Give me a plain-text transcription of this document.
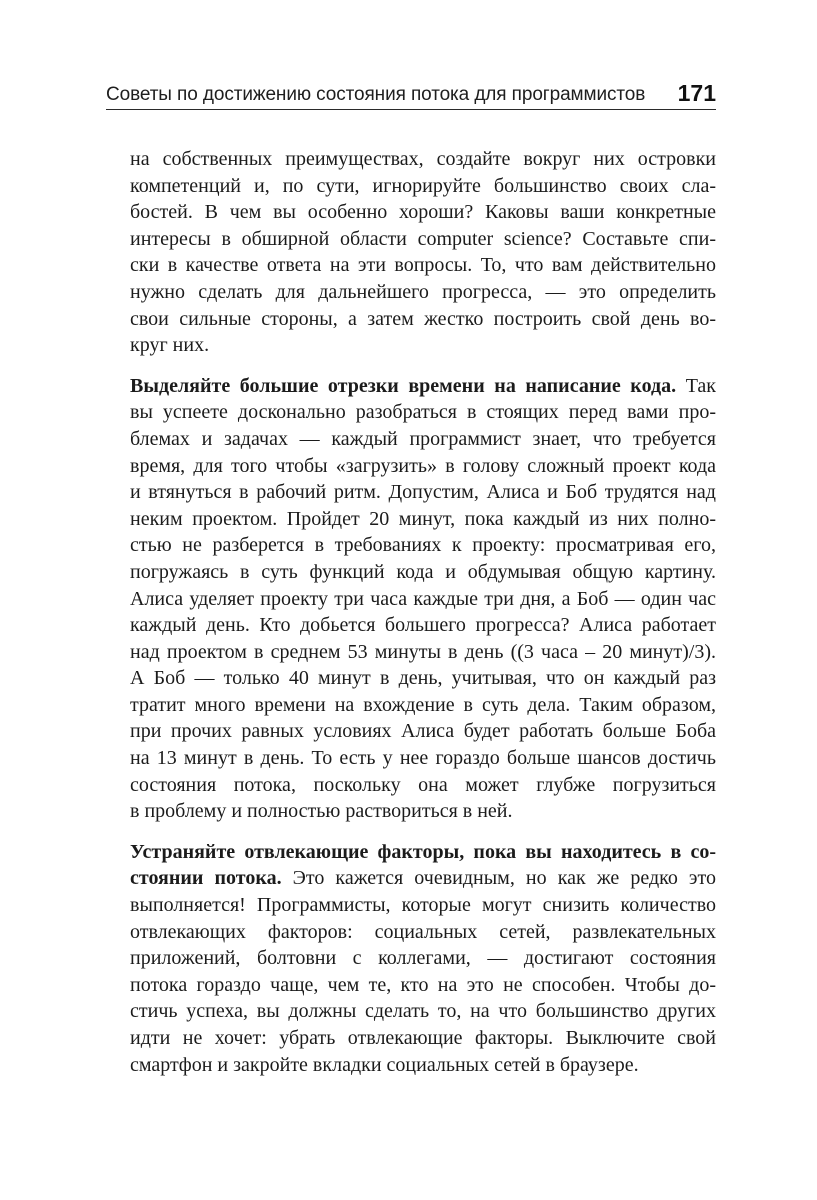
Советы по достижению состояния потока для программистов 171
на собственных преимуществах, создайте вокруг них островки
компетенций и, по сути, игнорируйте большинство своих сла-
бостей. В чем вы особенно хороши? Каковы ваши конкретные
интересы в обширной области computer science? Составьте спи-
ски в качестве ответа на эти вопросы. То, что вам действительно
нужно сделать для дальнейшего прогресса, — это определить
свои сильные стороны, а затем жестко построить свой день во-
круг них.
Выделяйте большие отрезки времени на написание кода. Так
вы успеете досконально разобраться в стоящих перед вами про-
блемах и задачах — каждый программист знает, что требуется
время, для того чтобы «загрузить» в голову сложный проект кода
и втянуться в рабочий ритм. Допустим, Алиса и Боб трудятся над
неким проектом. Пройдет 20 минут, пока каждый из них полно-
стью не разберется в требованиях к проекту: просматривая его,
погружаясь в суть функций кода и обдумывая общую картину.
Алиса уделяет проекту три часа каждые три дня, а Боб — один час
каждый день. Кто добьется большего прогресса? Алиса работает
над проектом в среднем 53 минуты в день ((3 часа – 20 минут)/3).
А Боб — только 40 минут в день, учитывая, что он каждый раз
тратит много времени на вхождение в суть дела. Таким образом,
при прочих равных условиях Алиса будет работать больше Боба
на 13 минут в день. То есть у нее гораздо больше шансов достичь
состояния потока, поскольку она может глубже погрузиться
в проблему и полностью раствориться в ней.
Устраняйте отвлекающие факторы, пока вы находитесь в со-
стоянии потока. Это кажется очевидным, но как же редко это
выполняется! Программисты, которые могут снизить количество
отвлекающих факторов: социальных сетей, развлекательных
приложений, болтовни с коллегами, — достигают состояния
потока гораздо чаще, чем те, кто на это не способен. Чтобы до-
стичь успеха, вы должны сделать то, на что большинство других
идти не хочет: убрать отвлекающие факторы. Выключите свой
смартфон и закройте вкладки социальных сетей в браузере.
